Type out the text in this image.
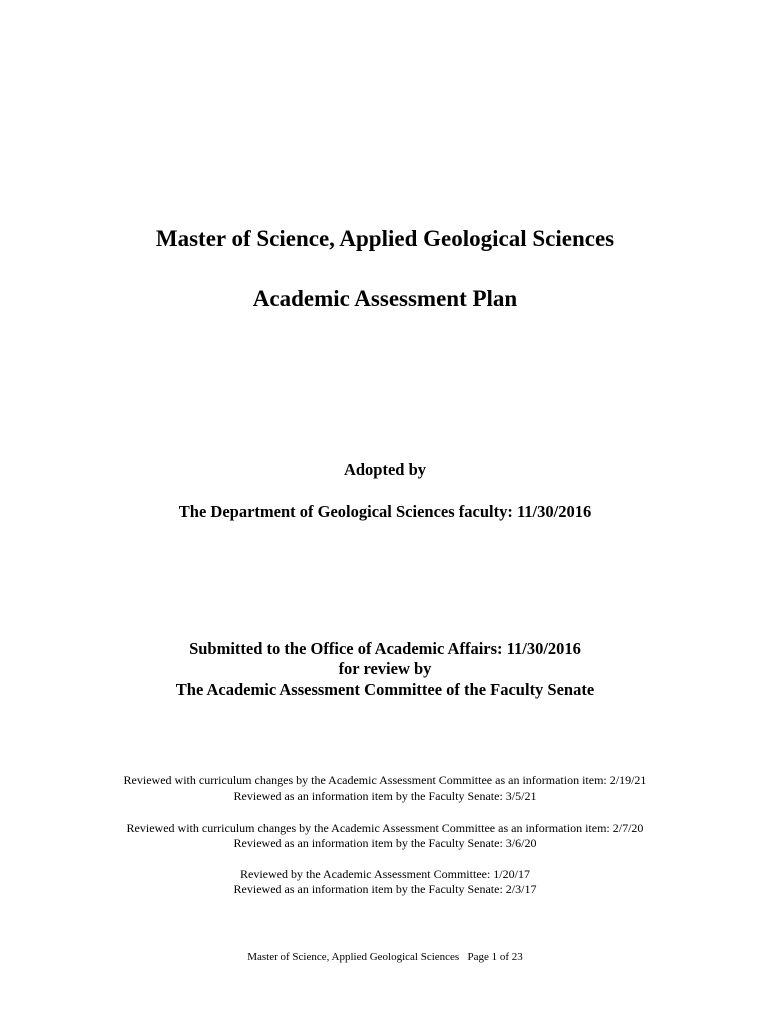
Master of Science, Applied Geological Sciences
Academic Assessment Plan
Adopted by
The Department of Geological Sciences faculty: 11/30/2016
Submitted to the Office of Academic Affairs: 11/30/2016
for review by
The Academic Assessment Committee of the Faculty Senate
Reviewed with curriculum changes by the Academic Assessment Committee as an information item: 2/19/21
Reviewed as an information item by the Faculty Senate: 3/5/21
Reviewed with curriculum changes by the Academic Assessment Committee as an information item: 2/7/20
Reviewed as an information item by the Faculty Senate: 3/6/20
Reviewed by the Academic Assessment Committee: 1/20/17
Reviewed as an information item by the Faculty Senate: 2/3/17
Master of Science, Applied Geological Sciences   Page 1 of 23
